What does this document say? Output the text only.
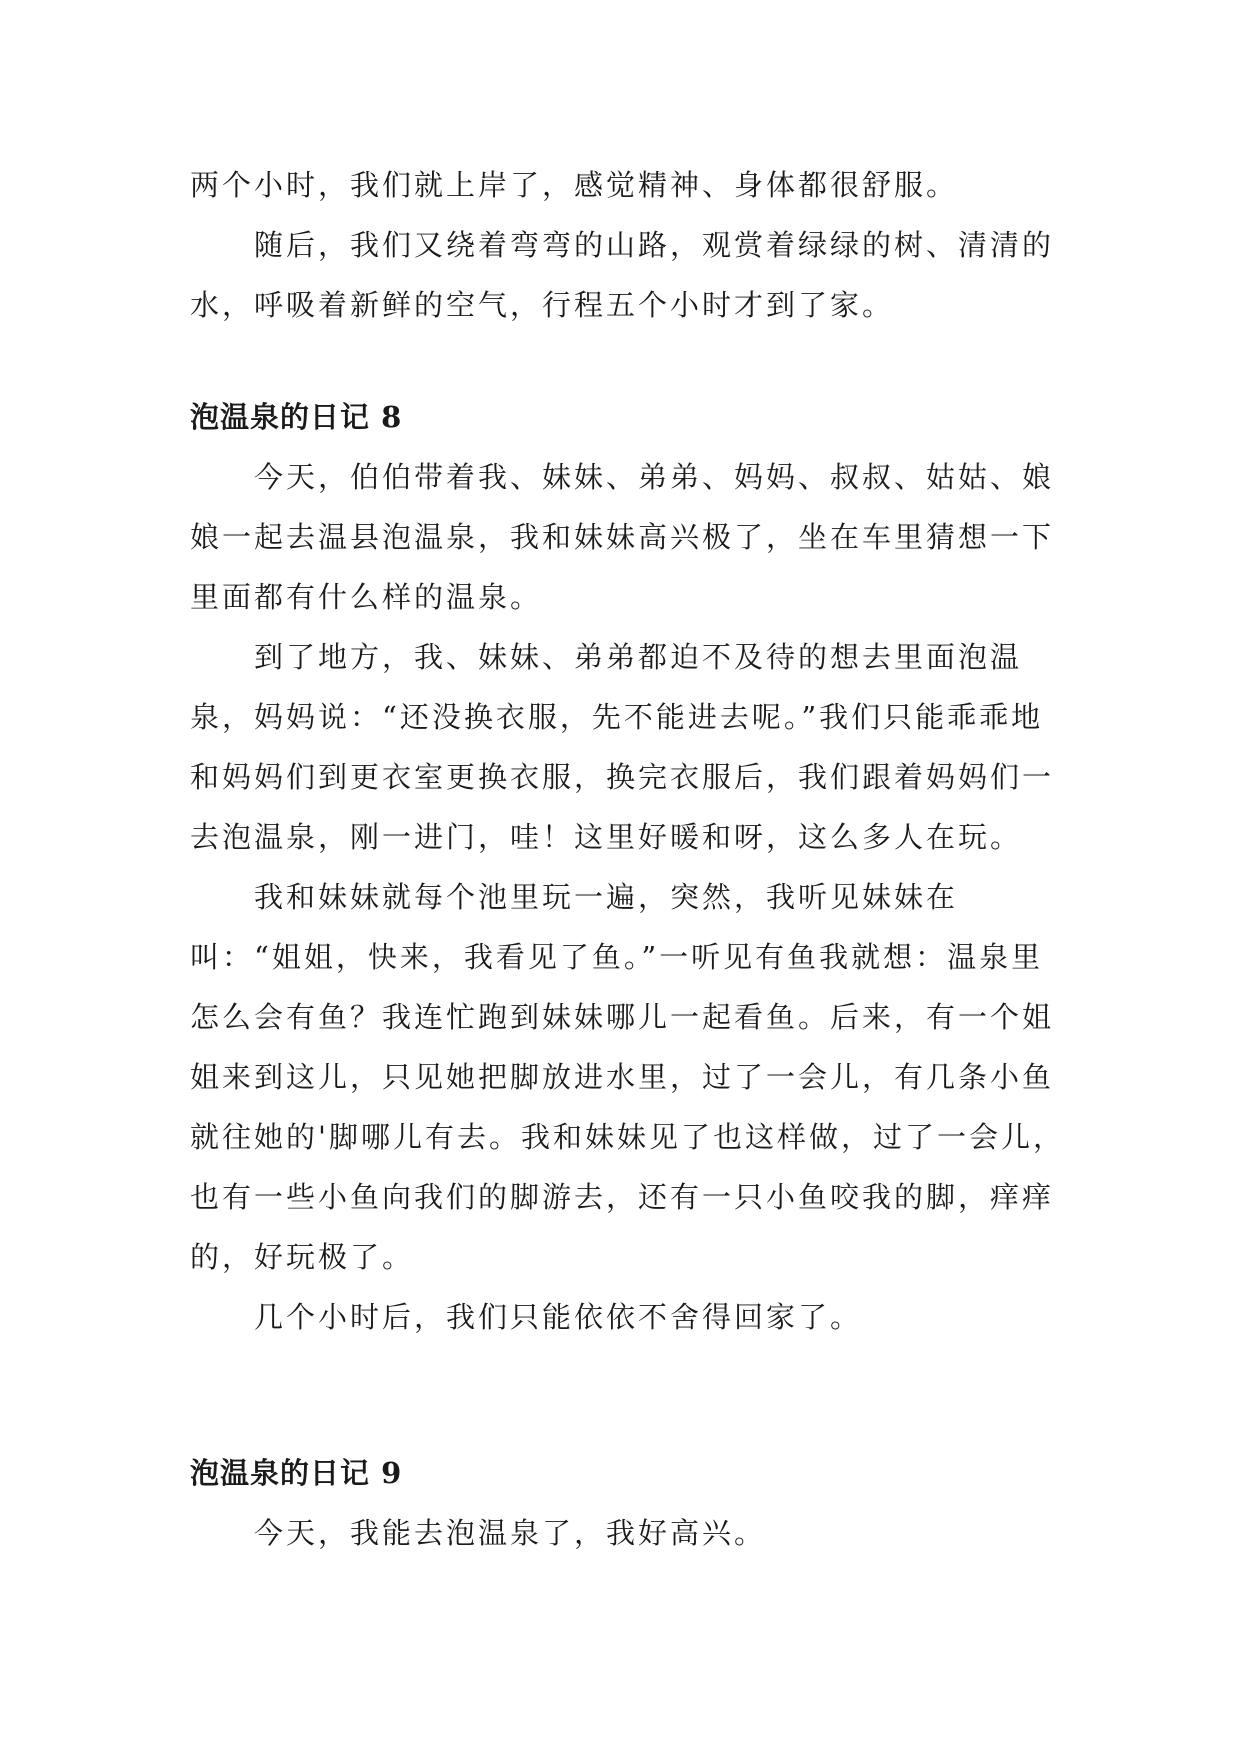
两个小时，我们就上岸了，感觉精神、身体都很舒服。

随后，我们又绕着弯弯的山路，观赏着绿绿的树、清清的水，呼吸着新鲜的空气，行程五个小时才到了家。

泡温泉的日记 8

今天，伯伯带着我、妹妹、弟弟、妈妈、叔叔、姑姑、娘娘一起去温县泡温泉，我和妹妹高兴极了，坐在车里猜想一下里面都有什么样的温泉。

到了地方，我、妹妹、弟弟都迫不及待的想去里面泡温泉，妈妈说：“还没换衣服，先不能进去呢。”我们只能乖乖地和妈妈们到更衣室更换衣服，换完衣服后，我们跟着妈妈们一去泡温泉，刚一进门，哇！这里好暖和呀，这么多人在玩。

我和妹妹就每个池里玩一遍，突然，我听见妹妹在叫：“姐姐，快来，我看见了鱼。”一听见有鱼我就想：温泉里怎么会有鱼？我连忙跑到妹妹哪儿一起看鱼。后来，有一个姐姐来到这儿，只见她把脚放进水里，过了一会儿，有几条小鱼就往她的'脚哪儿有去。我和妹妹见了也这样做，过了一会儿，也有一些小鱼向我们的脚游去，还有一只小鱼咬我的脚，痒痒的，好玩极了。

几个小时后，我们只能依依不舍得回家了。

泡温泉的日记 9

今天，我能去泡温泉了，我好高兴。
